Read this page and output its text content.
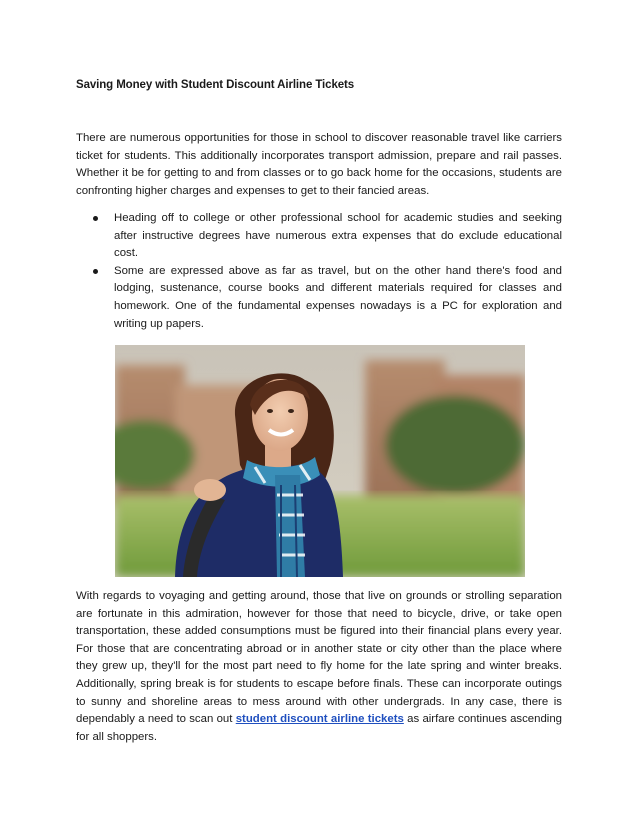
Saving Money with Student Discount Airline Tickets

There are numerous opportunities for those in school to discover reasonable travel like carriers ticket for students. This additionally incorporates transport admission, prepare and rail passes. Whether it be for getting to and from classes or to go back home for the occasions, students are confronting higher charges and expenses to get to their fancied areas.

Heading off to college or other professional school for academic studies and seeking after instructive degrees have numerous extra expenses that do exclude educational cost.
Some are expressed above as far as travel, but on the other hand there's food and lodging, sustenance, course books and different materials required for classes and homework. One of the fundamental expenses nowadays is a PC for exploration and writing up papers.

With regards to voyaging and getting around, those that live on grounds or strolling separation are fortunate in this admiration, however for those that need to bicycle, drive, or take open transportation, these added consumptions must be figured into their financial plans every year. For those that are concentrating abroad or in another state or city other than the place where they grew up, they'll for the most part need to fly home for the late spring and winter breaks. Additionally, spring break is for students to escape before finals. These can incorporate outings to sunny and shoreline areas to mess around with other undergrads. In any case, there is dependably a need to scan out student discount airline tickets as airfare continues ascending for all shoppers.
